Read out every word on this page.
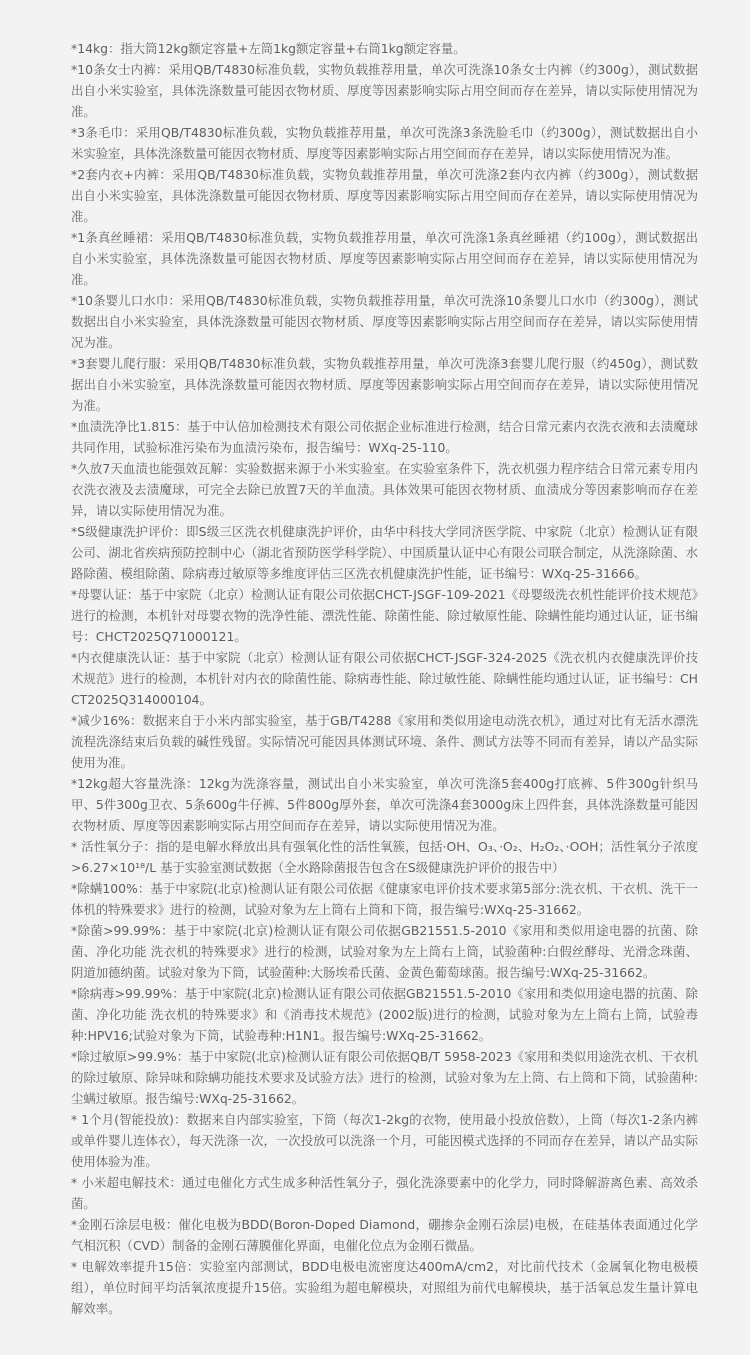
*14kg：指大筒12kg额定容量+左筒1kg额定容量+右筒1kg额定容量。
*10条女士内裤：采用QB/T4830标准负载，实物负载推荐用量，单次可洗涤10条女士内裤（约300g），测试数据出自小米实验室，具体洗涤数量可能因衣物材质、厚度等因素影响实际占用空间而存在差异，请以实际使用情况为准。
*3条毛巾：采用QB/T4830标准负载，实物负载推荐用量，单次可洗涤3条洗脸毛巾（约300g），测试数据出自小米实验室，具体洗涤数量可能因衣物材质、厚度等因素影响实际占用空间而存在差异，请以实际使用情况为准。
*2套内衣+内裤：采用QB/T4830标准负载，实物负载推荐用量，单次可洗涤2套内衣内裤（约300g），测试数据出自小米实验室，具体洗涤数量可能因衣物材质、厚度等因素影响实际占用空间而存在差异，请以实际使用情况为准。
*1条真丝睡裙：采用QB/T4830标准负载，实物负载推荐用量，单次可洗涤1条真丝睡裙（约100g），测试数据出自小米实验室，具体洗涤数量可能因衣物材质、厚度等因素影响实际占用空间而存在差异，请以实际使用情况为准。
*10条婴儿口水巾：采用QB/T4830标准负载，实物负载推荐用量，单次可洗涤10条婴儿口水巾（约300g），测试数据出自小米实验室，具体洗涤数量可能因衣物材质、厚度等因素影响实际占用空间而存在差异，请以实际使用情况为准。
*3套婴儿爬行服：采用QB/T4830标准负载，实物负载推荐用量，单次可洗涤3套婴儿爬行服（约450g），测试数据出自小米实验室，具体洗涤数量可能因衣物材质、厚度等因素影响实际占用空间而存在差异，请以实际使用情况为准。
*血渍洗净比1.815：基于中认倍加检测技术有限公司依据企业标准进行检测，结合日常元素内衣洗衣液和去渍魔球共同作用，试验标准污染布为血渍污染布，报告编号：WXq-25-110。
*久放7天血渍也能强效瓦解：实验数据来源于小米实验室。在实验室条件下，洗衣机强力程序结合日常元素专用内衣洗衣液及去渍魔球，可完全去除已放置7天的羊血渍。具体效果可能因衣物材质、血渍成分等因素影响而存在差异，请以实际使用情况为准。
*S级健康洗护评价：即S级三区洗衣机健康洗护评价，由华中科技大学同济医学院、中家院（北京）检测认证有限公司、湖北省疾病预防控制中心（湖北省预防医学科学院）、中国质量认证中心有限公司联合制定，从洗涤除菌、水路除菌、模组除菌、除病毒过敏原等多维度评估三区洗衣机健康洗护性能，证书编号：WXq-25-31666。
*母婴认证：基于中家院（北京）检测认证有限公司依据CHCT-JSGF-109-2021《母婴级洗衣机性能评价技术规范》进行的检测，本机针对母婴衣物的洗净性能、漂洗性能、除菌性能、除过敏原性能、除螨性能均通过认证，证书编号：CHCT2025Q71000121。
*内衣健康洗认证：基于中家院（北京）检测认证有限公司依据CHCT-JSGF-324-2025《洗衣机内衣健康洗评价技术规范》进行的检测，本机针对内衣的除菌性能、除病毒性能、除过敏性能、除螨性能均通过认证，证书编号：CHCT2025Q314000104。
*减少16%：数据来自于小米内部实验室，基于GB/T4288《家用和类似用途电动洗衣机》，通过对比有无活水漂洗流程洗涤结束后负载的碱性残留。实际情况可能因具体测试环境、条件、测试方法等不同而有差异，请以产品实际使用为准。
*12kg超大容量洗涤：12kg为洗涤容量，测试出自小米实验室，单次可洗涤5套400g打底裤、5件300g针织马甲、5件300g卫衣、5条600g牛仔裤、5件800g厚外套，单次可洗涤4套3000g床上四件套，具体洗涤数量可能因衣物材质、厚度等因素影响实际占用空间而存在差异，请以实际使用情况为准。
* 活性氧分子：指的是电解水释放出具有强氧化性的活性氧簇，包括·OH、O₃、·O₂、H₂O₂、·OOH；活性氧分子浓度>6.27×10¹⁸/L 基于实验室测试数据（全水路除菌报告包含在S级健康洗护评价的报告中）
*除螨100%：基于中家院(北京)检测认证有限公司依据《健康家电评价技术要求第5部分:洗衣机、干衣机、洗干一体机的特殊要求》进行的检测，试验对象为左上筒右上筒和下筒，报告编号:WXq-25-31662。
*除菌>99.99%：基于中家院(北京)检测认证有限公司依据GB21551.5-2010《家用和类似用途电器的抗菌、除菌、净化功能 洗衣机的特殊要求》进行的检测，试验对象为左上筒右上筒，试验菌种:白假丝酵母、光滑念珠菌、阴道加德纳菌。试验对象为下筒，试验菌种:大肠埃希氏菌、金黄色葡萄球菌。报告编号:WXq-25-31662。
*除病毒>99.99%：基于中家院(北京)检测认证有限公司依据GB21551.5-2010《家用和类似用途电器的抗菌、除菌、净化功能 洗衣机的特殊要求》和《消毒技术规范》(2002版)进行的检测，试验对象为左上筒右上筒，试验毒种:HPV16;试验对象为下筒，试验毒种:H1N1。报告编号:WXq-25-31662。
*除过敏原>99.9%：基于中家院(北京)检测认证有限公司依据QB/T 5958-2023《家用和类似用途洗衣机、干衣机的除过敏原、除异味和除螨功能技术要求及试验方法》进行的检测，试验对象为左上筒、右上筒和下筒，试验菌种:尘螨过敏原。报告编号:WXq-25-31662。
* 1个月(智能投放)：数据来自内部实验室，下筒（每次1-2kg的衣物，使用最小投放倍数），上筒（每次1-2条内裤或单件婴儿连体衣），每天洗涤一次，一次投放可以洗涤一个月，可能因模式选择的不同而存在差异，请以产品实际使用体验为准。
* 小米超电解技术：通过电催化方式生成多种活性氧分子，强化洗涤要素中的化学力，同时降解游离色素、高效杀菌。
*金刚石涂层电极：催化电极为BDD(Boron-Doped Diamond，硼掺杂金刚石涂层)电极，在硅基体表面通过化学气相沉积（CVD）制备的金刚石薄膜催化界面，电催化位点为金刚石微晶。
* 电解效率提升15倍：实验室内部测试，BDD电极电流密度达400mA/cm2，对比前代技术（金属氧化物电极模组），单位时间平均活氧浓度提升15倍。实验组为超电解模块，对照组为前代电解模块，基于活氧总发生量计算电解效率。
